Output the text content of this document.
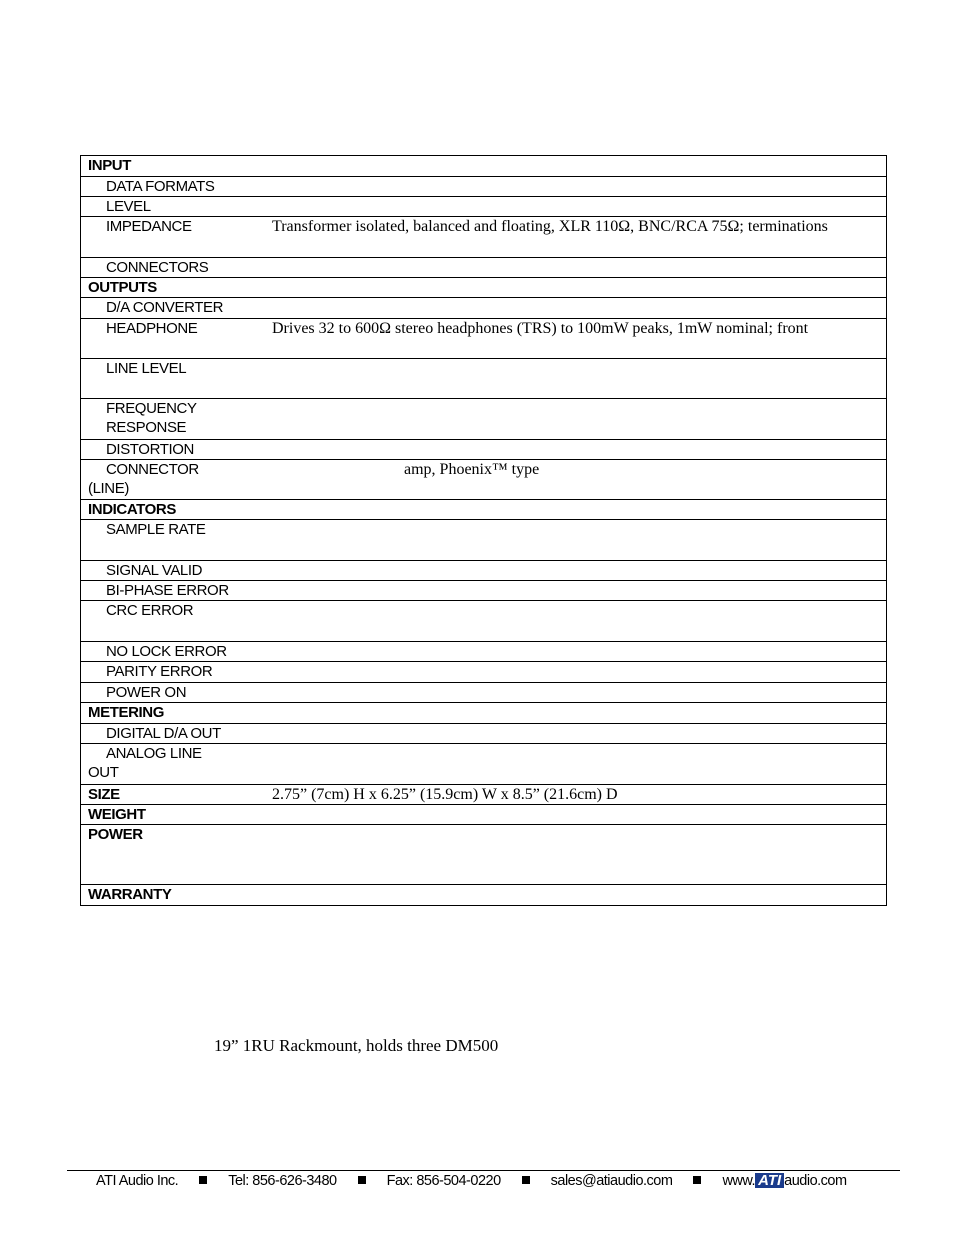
INPUT	
DATA FORMATS	
LEVEL	
IMPEDANCE	Transformer isolated, balanced and floating, XLR 110Ω, BNC/RCA 75Ω; terminations
CONNECTORS	
OUTPUTS	
D/A CONVERTER	
HEADPHONE	Drives 32 to 600Ω stereo headphones (TRS) to 100mW peaks, 1mW nominal; front
LINE LEVEL	
FREQUENCY
RESPONSE	
DISTORTION	
CONNECTOR
(LINE)	amp, Phoenix™ type
INDICATORS	
SAMPLE RATE	
SIGNAL VALID	
BI-PHASE ERROR	
CRC ERROR	
NO LOCK ERROR	
PARITY ERROR	
POWER ON	
METERING	
DIGITAL D/A OUT	
ANALOG LINE
OUT	
SIZE	2.75” (7cm) H x 6.25” (15.9cm) W x 8.5” (21.6cm) D
WEIGHT	
POWER	
WARRANTY	
19” 1RU Rackmount, holds three DM500
ATI Audio Inc.	Tel: 856-626-3480	Fax: 856-504-0220	sales@atiaudio.com	www. ATI audio.com
